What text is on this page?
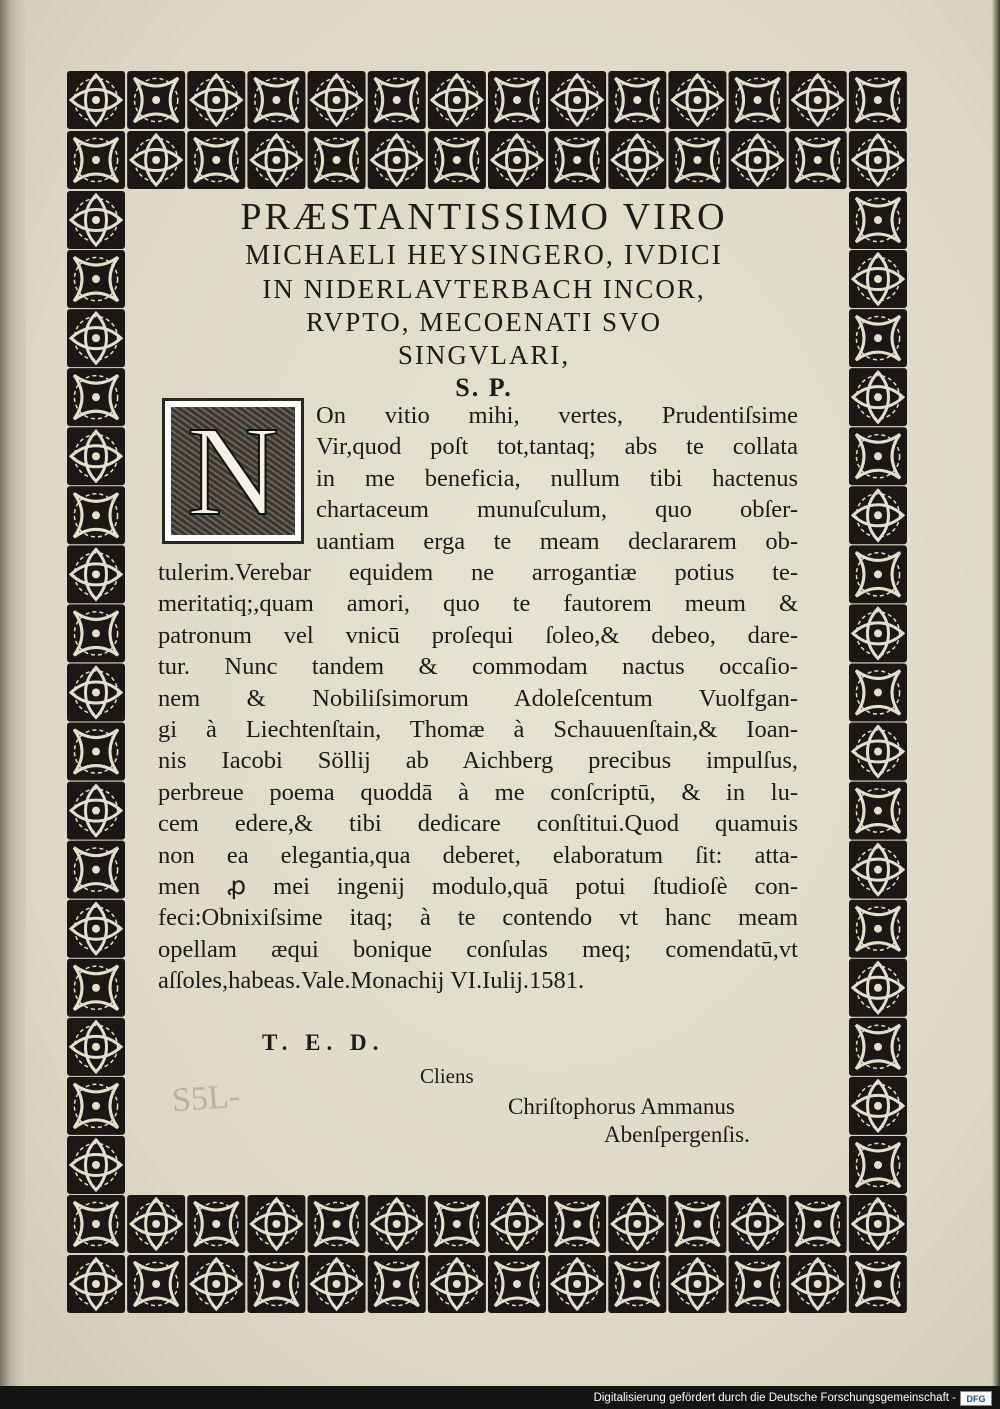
S5L-
PRÆSTANTISSIMO VIRO
MICHAELI HEYSINGERO, IVDICI
IN NIDERLAVTERBACH INCOR,
RVPTO, MECOENATI SVO
SINGVLARI,
S. P.
N On vitio mihi, vertes, Prudentiſsime
Vir,quod poſt tot,tantaq; abs te collata
in me beneficia, nullum tibi hactenus
chartaceum munuſculum, quo obſer-
uantiam erga te meam declararem ob-
tulerim.Verebar equidem ne arrogantiæ potius te-
meritatiq;,quam amori, quo te fautorem meum &
patronum vel vnicū proſequi ſoleo,& debeo, dare-
tur. Nunc tandem & commodam nactus occaſio-
nem & Nobiliſsimorum Adoleſcentum Vuolfgan-
gi à Liechtenſtain, Thomæ à Schauuenſtain,& Ioan-
nis Iacobi Söllij ab Aichberg precibus impulſus,
perbreue poema quoddā à me conſcriptū, & in lu-
cem edere,& tibi dedicare conſtitui.Quod quamuis
non ea elegantia,qua deberet, elaboratum ſit: atta-
men ꝓ mei ingenij modulo,quā potui ſtudioſè con-
feci:Obnixiſsime itaq; à te contendo vt hanc meam
opellam æqui bonique conſulas meq; comendatū,vt
aſſoles,habeas.Vale.Monachij VI.Iulij.1581.
T. E. D.
Cliens
Chriſtophorus Ammanus
Abenſpergenſis.
Digitalisierung gefördert durch die Deutsche Forschungsgemeinschaft -	DFG
